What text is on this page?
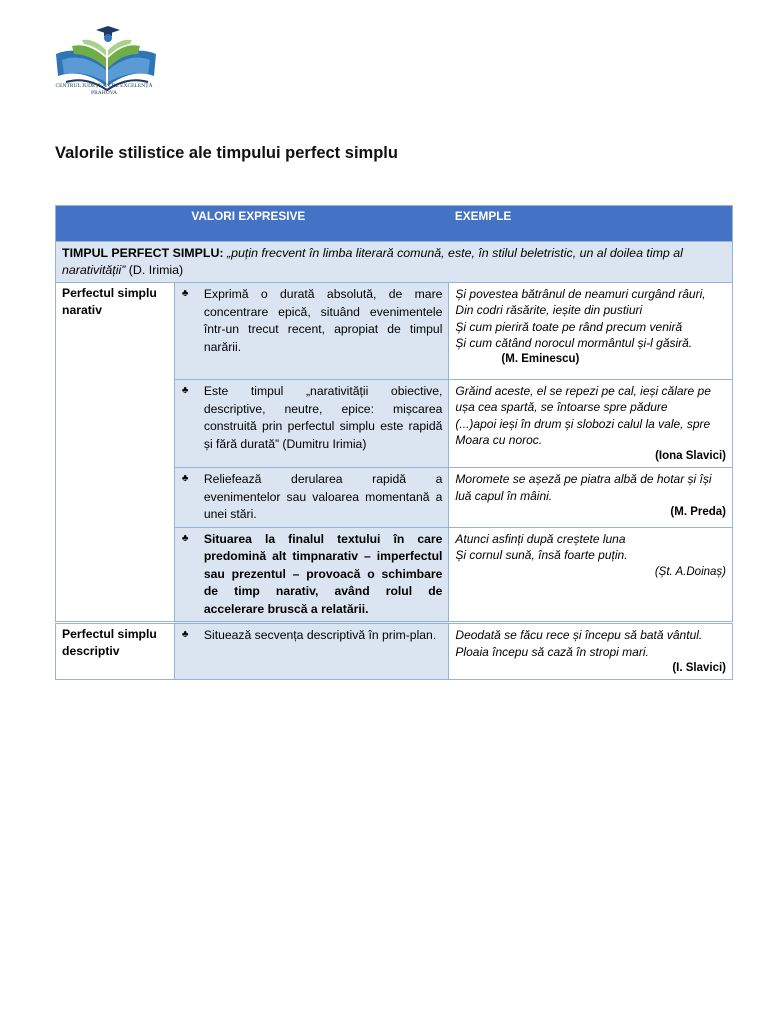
CENTRUL JUDEȚEAN DE EXCELENȚĂ
PRAHOVA
Valorile stilistice ale timpului perfect simplu
	VALORI EXPRESIVE	EXEMPLE
TIMPUL PERFECT SIMPLU: „puțin frecvent în limba literară comună, este, în stilul beletristic, un al doilea timp al narativității” (D. Irimia)		
Perfectul simplu narativ	♣ Exprimă o durată absolută, de mare concentrare epică, situând evenimentele într-un trecut recent, apropiat de timpul narării.	Și povestea bătrânul de neamuri curgând râuri,
Din codri răsărite, ieșite din pustiuri
Și cum pieriră toate pe rând precum veniră
Și cum cătând norocul mormântul și-l găsiră.
(M. Eminescu)

	♣ Este timpul „narativității obiective, descriptive, neutre, epice: mișcarea construită prin perfectul simplu este rapidă și fără durată” (Dumitru Irimia)	Grăind aceste, el se repezi pe cal, ieși călare pe ușa cea spartă, se întoarse spre pădure
(...)apoi ieși în drum și slobozi calul la vale, spre Moara cu noroc.
(Iona Slavici)

	♣ Reliefează derularea rapidă a evenimentelor sau valoarea momentană a unei stări.	Moromete se așeză pe piatra albă de hotar și își luă capul în mâini.
(M. Preda)

	♣ Situarea la finalul textului în care predomină alt timpnarativ – imperfectul sau prezentul – provoacă o schimbare de timp narativ, având rolul de accelerare bruscă a relatării.	Atunci asfinți după creștete luna
Și cornul sună, însă foarte puțin.
(Șt. A.Doinaș)

Perfectul simplu descriptiv	♣ Situează secvența descriptivă în prim-plan.	Deodată se făcu rece și începu să bată vântul.
Ploaia începu să cază în stropi mari.
(I. Slavici)
